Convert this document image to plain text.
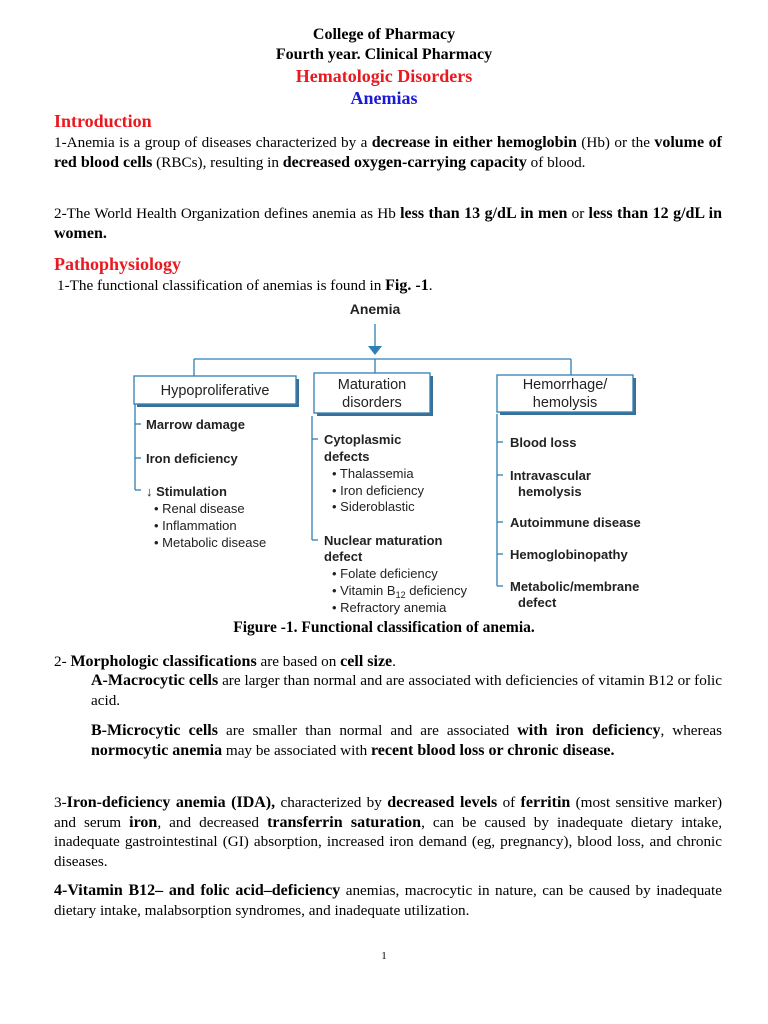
College of Pharmacy
Fourth year. Clinical Pharmacy
Hematologic Disorders
Anemias
Introduction
1-Anemia is a group of diseases characterized by a decrease in either hemoglobin (Hb) or the volume of red blood cells (RBCs), resulting in decreased oxygen-carrying capacity of blood.
2-The World Health Organization defines anemia as Hb less than 13 g/dL in men or less than 12 g/dL in women.
Pathophysiology
1-The functional classification of anemias is found in Fig. -1.
Anemia
Hypoproliferative
Marrow damage
Iron deficiency
↓ Stimulation
• Renal disease
• Inflammation
• Metabolic disease
Maturation
disorders
Cytoplasmic
defects
• Thalassemia
• Iron deficiency
• Sideroblastic
Nuclear maturation
defect
• Folate deficiency
• Vitamin $B_{12}$ deficiency
• Refractory anemia
Hemorrhage/
hemolysis
Blood loss
Intravascular
hemolysis
Autoimmune disease
Hemoglobinopathy
Metabolic/membrane
defect
Figure -1. Functional classification of anemia.
2- Morphologic classifications are based on cell size.
A-Macrocytic cells are larger than normal and are associated with deficiencies of vitamin B12 or folic acid.
B-Microcytic cells are smaller than normal and are associated with iron deficiency, whereas normocytic anemia may be associated with recent blood loss or chronic disease.
3-Iron-deficiency anemia (IDA), characterized by decreased levels of ferritin (most sensitive marker) and serum iron, and decreased transferrin saturation, can be caused by inadequate dietary intake, inadequate gastrointestinal (GI) absorption, increased iron demand (eg, pregnancy), blood loss, and chronic diseases.
4-Vitamin B12– and folic acid–deficiency anemias, macrocytic in nature, can be caused by inadequate dietary intake, malabsorption syndromes, and inadequate utilization.
1
